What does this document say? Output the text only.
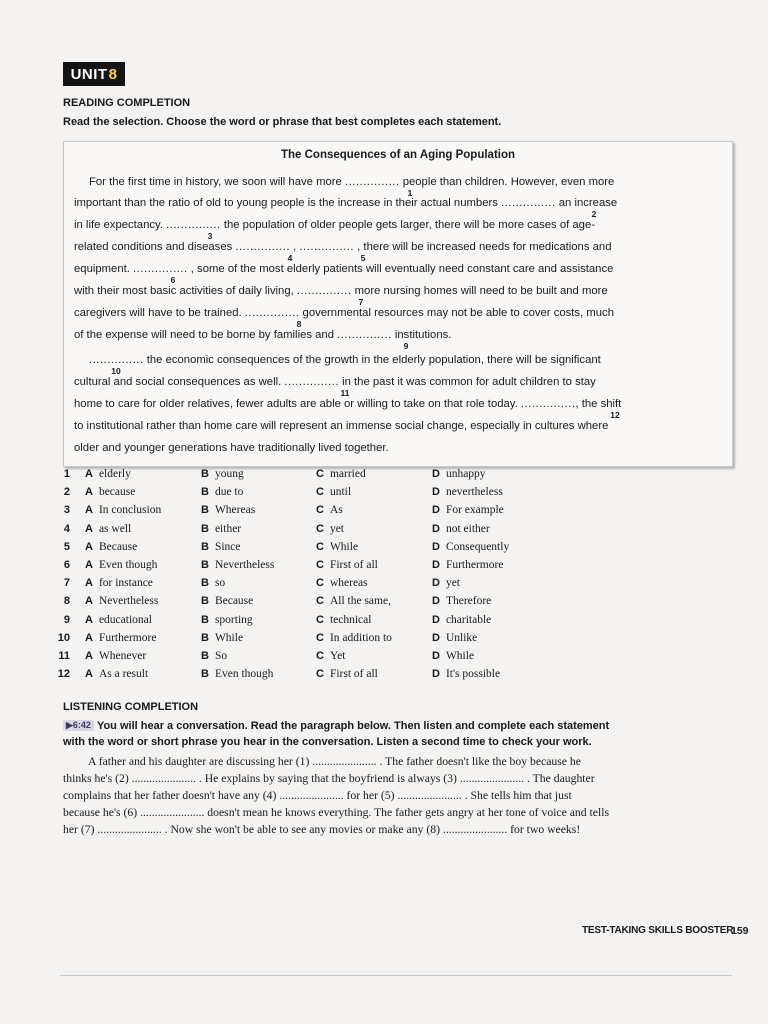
UNIT 8
READING COMPLETION
Read the selection. Choose the word or phrase that best completes each statement.
The Consequences of an Aging Population
For the first time in history, we soon will have more ............... people than children. However, even more
1
important than the ratio of old to young people is the increase in their actual numbers ............... an increase
2
in life expectancy. ............... the population of older people gets larger, there will be more cases of age-
3
related conditions and diseases ............... , ............... , there will be increased needs for medications and
4	5
equipment. ............... , some of the most elderly patients will eventually need constant care and assistance
6
with their most basic activities of daily living, ............... more nursing homes will need to be built and more
7
caregivers will have to be trained. ............... governmental resources may not be able to cover costs, much
8
of the expense will need to be borne by families and ............... institutions.
9
............... the economic consequences of the growth in the elderly population, there will be significant
10
cultural and social consequences as well. ............... in the past it was common for adult children to stay
11
home to care for older relatives, fewer adults are able or willing to take on that role today. ..............., the shift
12
to institutional rather than home care will represent an immense social change, especially in cultures where
older and younger generations have traditionally lived together.
1 A elderly	B young	C married	D unhappy
2 A because	B due to	C until	D nevertheless
3 A In conclusion	B Whereas	C As	D For example
4 A as well	B either	C yet	D not either
5 A Because	B Since	C While	D Consequently
6 A Even though	B Nevertheless	C First of all	D Furthermore
7 A for instance	B so	C whereas	D yet
8 A Nevertheless	B Because	C All the same,	D Therefore
9 A educational	B sporting	C technical	D charitable
10 A Furthermore	B While	C In addition to	D Unlike
11 A Whenever	B So	C Yet	D While
12 A As a result	B Even though	C First of all	D It's possible
LISTENING COMPLETION
▶6:42 You will hear a conversation. Read the paragraph below. Then listen and complete each statement
with the word or short phrase you hear in the conversation. Listen a second time to check your work.
A father and his daughter are discussing her (1) ...................... . The father doesn't like the boy because he
thinks he's (2) ...................... . He explains by saying that the boyfriend is always (3) ...................... . The daughter
complains that her father doesn't have any (4) ...................... for her (5) ...................... . She tells him that just
because he's (6) ...................... doesn't mean he knows everything. The father gets angry at her tone of voice and tells
her (7) ...................... . Now she won't be able to see any movies or make any (8) ...................... for two weeks!
TEST-TAKING SKILLS BOOSTER
159
